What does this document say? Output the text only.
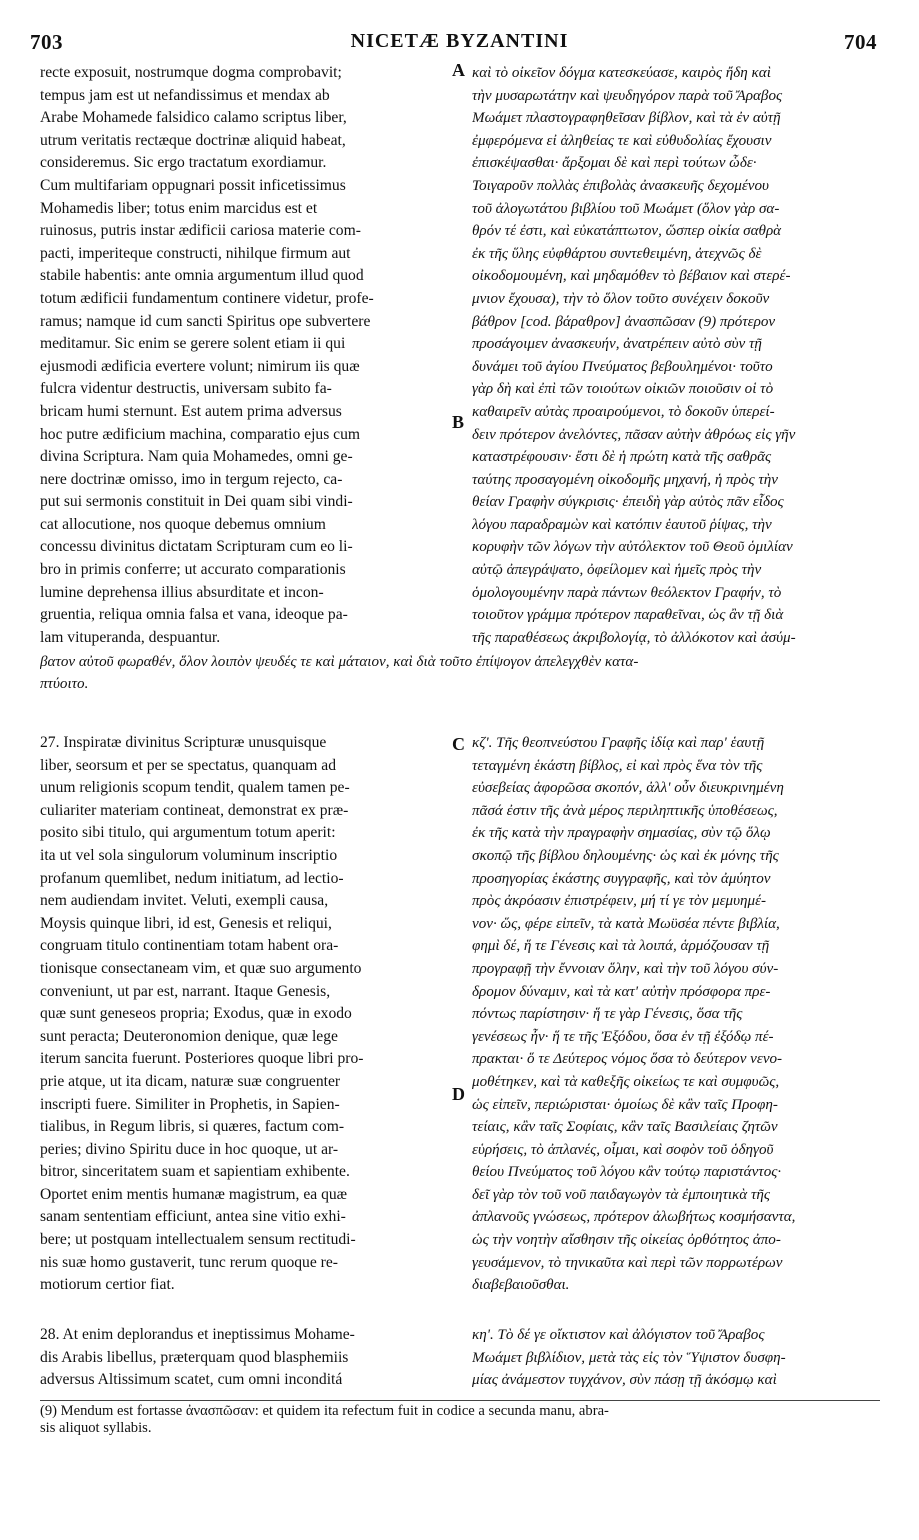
703	NICETÆ BYZANTINI	704
A
B
C
D
recte exposuit, nostrumque dogma comprobavit;
tempus jam est ut nefandissimus et mendax ab
Arabe Mohamede falsidico calamo scriptus liber,
utrum veritatis rectæque doctrinæ aliquid habeat,
consideremus. Sic ergo tractatum exordiamur.
Cum multifariam oppugnari possit inficetissimus
Mohamedis liber; totus enim marcidus est et
ruinosus, putris instar ædificii cariosa materie com-
pacti, imperiteque constructi, nihilque firmum aut
stabile habentis: ante omnia argumentum illud quod
totum ædificii fundamentum continere videtur, profe-
ramus; namque id cum sancti Spiritus ope subvertere
meditamur. Sic enim se gerere solent etiam ii qui
ejusmodi ædificia evertere volunt; nimirum iis quæ
fulcra videntur destructis, universam subito fa-
bricam humi sternunt. Est autem prima adversus
hoc putre ædificium machina, comparatio ejus cum
divina Scriptura. Nam quia Mohamedes, omni ge-
nere doctrinæ omisso, imo in tergum rejecto, ca-
put sui sermonis constituit in Dei quam sibi vindi-
cat allocutione, nos quoque debemus omnium
concessu divinitus dictatam Scripturam cum eo li-
bro in primis conferre; ut accurato comparationis
lumine deprehensa illius absurditate et incon-
gruentia, reliqua omnia falsa et vana, ideoque pa-
lam vituperanda, despuantur.
καὶ τὸ οἰκεῖον δόγμα κατεσκεύασε, καιρὸς ἤδη καὶ
τὴν μυσαρωτάτην καὶ ψευδηγόρον παρὰ τοῦ Ἄραβος
Μωάμετ πλαστογραφηθεῖσαν βίβλον, καὶ τὰ ἐν αὐτῇ
ἐμφερόμενα εἰ ἀληθείας τε καὶ εὐθυδολίας ἔχουσιν
ἐπισκέψασθαι· ἄρξομαι δὲ καὶ περὶ τούτων ὧδε·
Τοιγαροῦν πολλὰς ἐπιβολὰς ἀνασκευῆς δεχομένου
τοῦ ἀλογωτάτου βιβλίου τοῦ Μωάμετ (ὅλον γὰρ σα-
θρόν τέ ἐστι, καὶ εὐκατάπτωτον, ὥσπερ οἰκία σαθρὰ
ἐκ τῆς ὕλης εὐφθάρτου συντεθειμένη, ἀτεχνῶς δὲ
οἰκοδομουμένη, καὶ μηδαμόθεν τὸ βέβαιον καὶ στερέ-
μνιον ἔχουσα), τὴν τὸ ὅλον τοῦτο συνέχειν δοκοῦν
βάθρον [cod. βάραθρον] ἀνασπῶσαν (9) πρότερον
προσάγοιμεν ἀνασκευήν, ἀνατρέπειν αὐτὸ σὺν τῇ
δυνάμει τοῦ ἁγίου Πνεύματος βεβουλημένοι· τοῦτο
γὰρ δὴ καὶ ἐπὶ τῶν τοιούτων οἰκιῶν ποιοῦσιν οἱ τὸ
καθαιρεῖν αὐτὰς προαιρούμενοι, τὸ δοκοῦν ὑπερεί-
δειν πρότερον ἀνελόντες, πᾶσαν αὐτὴν ἀθρόως εἰς γῆν
καταστρέφουσιν· ἔστι δὲ ἡ πρώτη κατὰ τῆς σαθρᾶς
ταύτης προσαγομένη οἰκοδομῆς μηχανή, ἡ πρὸς τὴν
θείαν Γραφὴν σύγκρισις· ἐπειδὴ γὰρ αὐτὸς πᾶν εἶδος
λόγου παραδραμὼν καὶ κατόπιν ἑαυτοῦ ῥίψας, τὴν
κορυφὴν τῶν λόγων τὴν αὐτόλεκτον τοῦ Θεοῦ ὁμιλίαν
αὐτῷ ἀπεγράψατο, ὀφείλομεν καὶ ἡμεῖς πρὸς τὴν
ὁμολογουμένην παρὰ πάντων θεόλεκτον Γραφήν, τὸ
τοιοῦτον γράμμα πρότερον παραθεῖναι, ὡς ἂν τῇ διὰ
τῆς παραθέσεως ἀκριβολογίᾳ, τὸ ἀλλόκοτον καὶ ἀσύμ-
βατον αὐτοῦ φωραθέν, ὅλον λοιπὸν ψευδές τε καὶ μάταιον, καὶ διὰ τοῦτο ἐπίψογον ἀπελεγχθὲν κατα-
πτύοιτο.
27. Inspiratæ divinitus Scripturæ unusquisque
liber, seorsum et per se spectatus, quanquam ad
unum religionis scopum tendit, qualem tamen pe-
culiariter materiam contineat, demonstrat ex præ-
posito sibi titulo, qui argumentum totum aperit:
ita ut vel sola singulorum voluminum inscriptio
profanum quemlibet, nedum initiatum, ad lectio-
nem audiendam invitet. Veluti, exempli causa,
Moysis quinque libri, id est, Genesis et reliqui,
congruam titulo continentiam totam habent ora-
tionisque consectaneam vim, et quæ suo argumento
conveniunt, ut par est, narrant. Itaque Genesis,
quæ sunt geneseos propria; Exodus, quæ in exodo
sunt peracta; Deuteronomion denique, quæ lege
iterum sancita fuerunt. Posteriores quoque libri pro-
prie atque, ut ita dicam, naturæ suæ congruenter
inscripti fuere. Similiter in Prophetis, in Sapien-
tialibus, in Regum libris, si quæres, factum com-
peries; divino Spiritu duce in hoc quoque, ut ar-
bitror, sinceritatem suam et sapientiam exhibente.
Oportet enim mentis humanæ magistrum, ea quæ
sanam sententiam efficiunt, antea sine vitio exhi-
bere; ut postquam intellectualem sensum rectitudi-
nis suæ homo gustaverit, tunc rerum quoque re-
motiorum certior fiat.
κζ'. Τῆς θεοπνεύστου Γραφῆς ἰδίᾳ καὶ παρ' ἑαυτῇ
τεταγμένη ἑκάστη βίβλος, εἰ καὶ πρὸς ἕνα τὸν τῆς
εὐσεβείας ἀφορῶσα σκοπόν, ἀλλ' οὖν διευκρινημένη
πᾶσά ἐστιν τῆς ἀνὰ μέρος περιληπτικῆς ὑποθέσεως,
ἐκ τῆς κατὰ τὴν πραγραφὴν σημασίας, σὺν τῷ ὅλῳ
σκοπῷ τῆς βίβλου δηλουμένης· ὡς καὶ ἐκ μόνης τῆς
προσηγορίας ἑκάστης συγγραφῆς, καὶ τὸν ἀμύητον
πρὸς ἀκρόασιν ἐπιστρέφειν, μή τί γε τὸν μεμυημέ-
νον· ὥς, φέρε εἰπεῖν, τὰ κατὰ Μωϋσέα πέντε βιβλία,
φημὶ δέ, ἥ τε Γένεσις καὶ τὰ λοιπά, ἁρμόζουσαν τῇ
προγραφῇ τὴν ἔννοιαν ὅλην, καὶ τὴν τοῦ λόγου σύν-
δρομον δύναμιν, καὶ τὰ κατ' αὐτὴν πρόσφορα πρε-
πόντως παρίστησιν· ἥ τε γὰρ Γένεσις, ὅσα τῆς
γενέσεως ἦν· ἥ τε τῆς Ἐξόδου, ὅσα ἐν τῇ ἐξόδῳ πέ-
πρακται· ὅ τε Δεύτερος νόμος ὅσα τὸ δεύτερον νενο-
μοθέτηκεν, καὶ τὰ καθεξῆς οἰκείως τε καὶ συμφυῶς,
ὡς εἰπεῖν, περιώρισται· ὁμοίως δὲ κἂν ταῖς Προφη-
τείαις, κἂν ταῖς Σοφίαις, κἂν ταῖς Βασιλείαις ζητῶν
εὑρήσεις, τὸ ἀπλανές, οἶμαι, καὶ σοφὸν τοῦ ὁδηγοῦ
θείου Πνεύματος τοῦ λόγου κἂν τούτῳ παριστάντος·
δεῖ γὰρ τὸν τοῦ νοῦ παιδαγωγὸν τὰ ἐμποιητικὰ τῆς
ἀπλανοῦς γνώσεως, πρότερον ἀλωβήτως κοσμήσαντα,
ὡς τὴν νοητὴν αἴσθησιν τῆς οἰκείας ὀρθότητος ἀπο-
γευσάμενον, τὸ τηνικαῦτα καὶ περὶ τῶν πορρωτέρων
διαβεβαιοῦσθαι.
28. At enim deplorandus et ineptissimus Mohame-
dis Arabis libellus, præterquam quod blasphemiis
adversus Altissimum scatet, cum omni inconditá
κη'. Τὸ δέ γε οἴκτιστον καὶ ἀλόγιστον τοῦ Ἄραβος
Μωάμετ βιβλίδιον, μετὰ τὰς εἰς τὸν Ὕψιστον δυσφη-
μίας ἀνάμεστον τυγχάνον, σὺν πάσῃ τῇ ἀκόσμῳ καὶ
(9) Mendum est fortasse ἀνασπῶσαν: et quidem ita refectum fuit in codice a secunda manu, abra-
sis aliquot syllabis.
